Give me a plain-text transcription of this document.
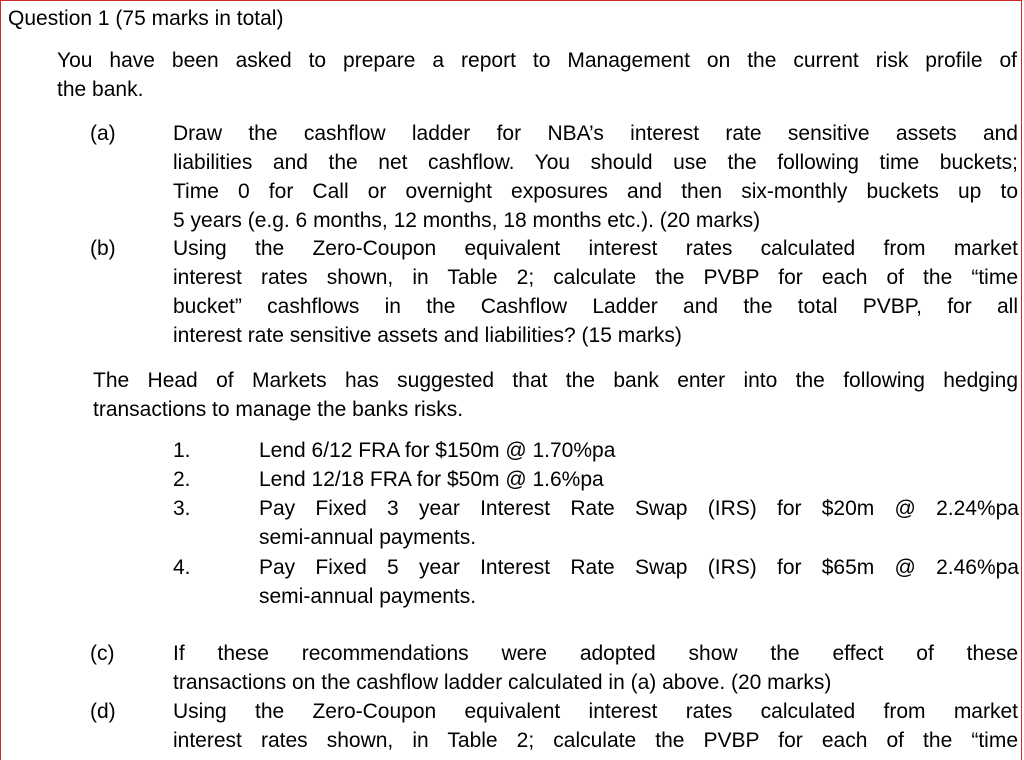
Question 1 (75 marks in total)
You have been asked to prepare a report to Management on the current risk profile of
the bank.
(a)	Draw the cashflow ladder for NBA’s interest rate sensitive assets and
liabilities and the net cashflow. You should use the following time buckets;
Time 0 for Call or overnight exposures and then six-monthly buckets up to
5 years (e.g. 6 months, 12 months, 18 months etc.). (20 marks)
(b)	Using the Zero-Coupon equivalent interest rates calculated from market
interest rates shown, in Table 2; calculate the PVBP for each of the “time
bucket” cashflows in the Cashflow Ladder and the total PVBP, for all
interest rate sensitive assets and liabilities? (15 marks)
The Head of Markets has suggested that the bank enter into the following hedging
transactions to manage the banks risks.
1.	Lend 6/12 FRA for $150m @ 1.70%pa
2.	Lend 12/18 FRA for $50m @ 1.6%pa
3.	Pay Fixed 3 year Interest Rate Swap (IRS) for $20m @ 2.24%pa
semi-annual payments.
4.	Pay Fixed 5 year Interest Rate Swap (IRS) for $65m @ 2.46%pa
semi-annual payments.
(c)	If these recommendations were adopted show the effect of these
transactions on the cashflow ladder calculated in (a) above. (20 marks)
(d)	Using the Zero-Coupon equivalent interest rates calculated from market
interest rates shown, in Table 2; calculate the PVBP for each of the “time
